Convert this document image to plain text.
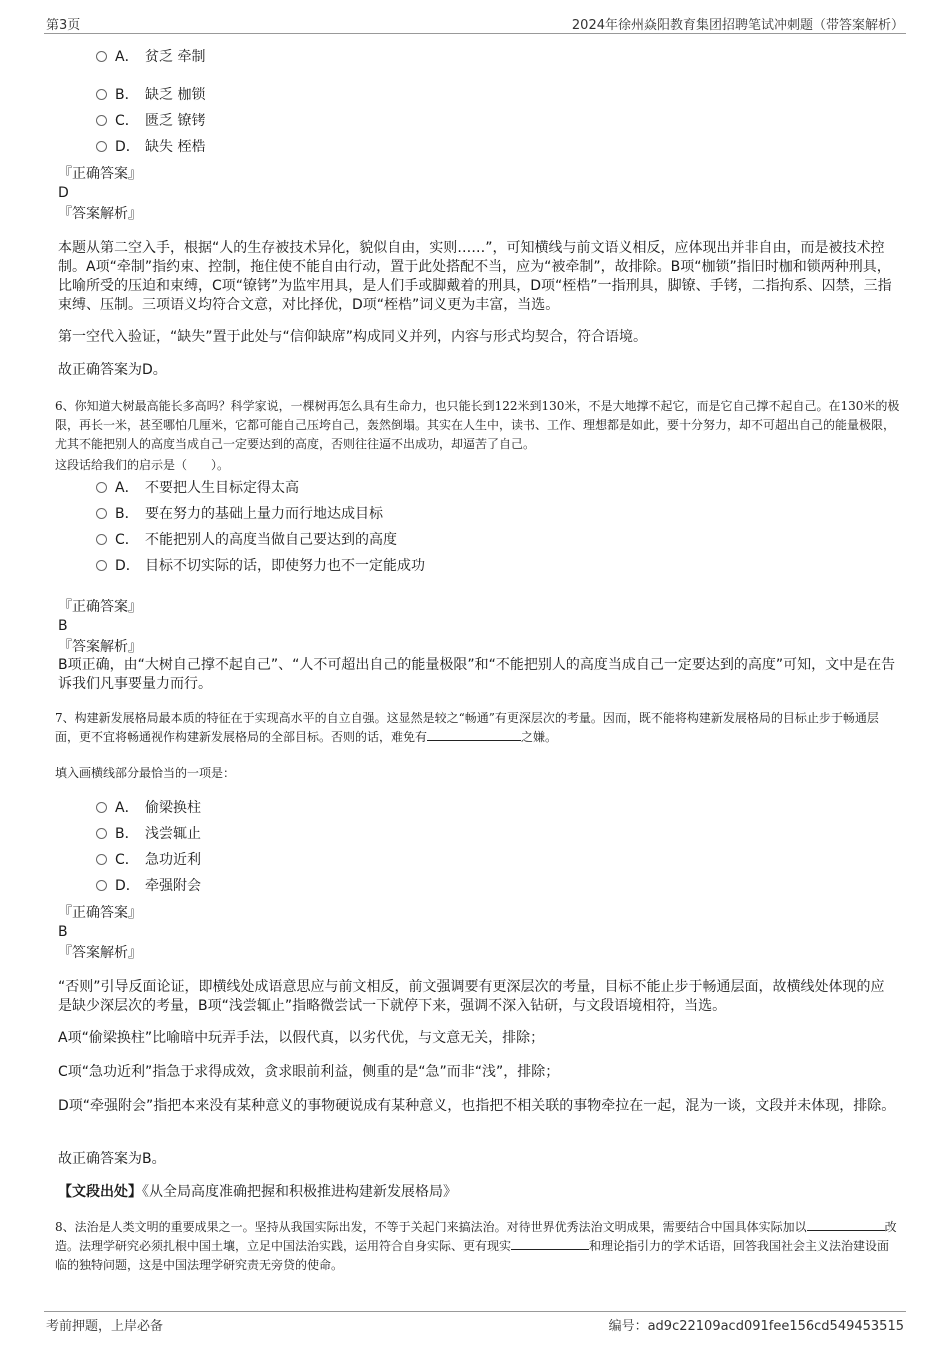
第3页	2024年徐州焱阳教育集团招聘笔试冲刺题（带答案解析）
A． 贫乏 牵制
B． 缺乏 枷锁
C． 匮乏 镣铐
D． 缺失 桎梏
『正确答案』
D
『答案解析』
本题从第二空入手，根据“人的生存被技术异化，貌似自由，实则……”，可知横线与前文语义相反，应体现出并非自由，而是被技术控制。A项“牵制”指约束、控制，拖住使不能自由行动，置于此处搭配不当，应为“被牵制”，故排除。B项“枷锁”指旧时枷和锁两种刑具，比喻所受的压迫和束缚，C项“镣铐”为监牢用具，是人们手或脚戴着的刑具，D项“桎梏”一指刑具，脚镣、手铐，二指拘系、囚禁，三指束缚、压制。三项语义均符合文意，对比择优，D项“桎梏”词义更为丰富，当选。
第一空代入验证，“缺失”置于此处与“信仰缺席”构成同义并列，内容与形式均契合，符合语境。
故正确答案为D。
6、你知道大树最高能长多高吗？科学家说，一棵树再怎么具有生命力，也只能长到122米到130米，不是大地撑不起它，而是它自己撑不起自己。在130米的极限，再长一米，甚至哪怕几厘米，它都可能自己压垮自己，轰然倒塌。其实在人生中，读书、工作、理想都是如此，要十分努力，却不可超出自己的能量极限，尤其不能把别人的高度当成自己一定要达到的高度，否则往往逼不出成功，却逼苦了自己。
这段话给我们的启示是（　　）。
A． 不要把人生目标定得太高
B． 要在努力的基础上量力而行地达成目标
C． 不能把别人的高度当做自己要达到的高度
D． 目标不切实际的话，即使努力也不一定能成功
『正确答案』
B
『答案解析』
B项正确，由“大树自己撑不起自己”、“人不可超出自己的能量极限”和“不能把别人的高度当成自己一定要达到的高度”可知，文中是在告诉我们凡事要量力而行。
7、构建新发展格局最本质的特征在于实现高水平的自立自强。这显然是较之“畅通”有更深层次的考量。因而，既不能将构建新发展格局的目标止步于畅通层面，更不宜将畅通视作构建新发展格局的全部目标。否则的话，难免有	之嫌。
填入画横线部分最恰当的一项是：
A． 偷梁换柱
B． 浅尝辄止
C． 急功近利
D． 牵强附会
『正确答案』
B
『答案解析』
“否则”引导反面论证，即横线处成语意思应与前文相反，前文强调要有更深层次的考量，目标不能止步于畅通层面，故横线处体现的应是缺少深层次的考量，B项“浅尝辄止”指略微尝试一下就停下来，强调不深入钻研，与文段语境相符，当选。
A项“偷梁换柱”比喻暗中玩弄手法，以假代真，以劣代优，与文意无关，排除；
C项“急功近利”指急于求得成效，贪求眼前利益，侧重的是“急”而非“浅”，排除；
D项“牵强附会”指把本来没有某种意义的事物硬说成有某种意义，也指把不相关联的事物牵拉在一起，混为一谈，文段并未体现，排除。
故正确答案为B。
【文段出处】《从全局高度准确把握和积极推进构建新发展格局》
8、法治是人类文明的重要成果之一。坚持从我国实际出发，不等于关起门来搞法治。对待世界优秀法治文明成果，需要结合中国具体实际加以	改造。法理学研究必须扎根中国土壤，立足中国法治实践，运用符合自身实际、更有现实	和理论指引力的学术话语，回答我国社会主义法治建设面临的独特问题，这是中国法理学研究责无旁贷的使命。
考前押题，上岸必备	编号：ad9c22109acd091fee156cd549453515
